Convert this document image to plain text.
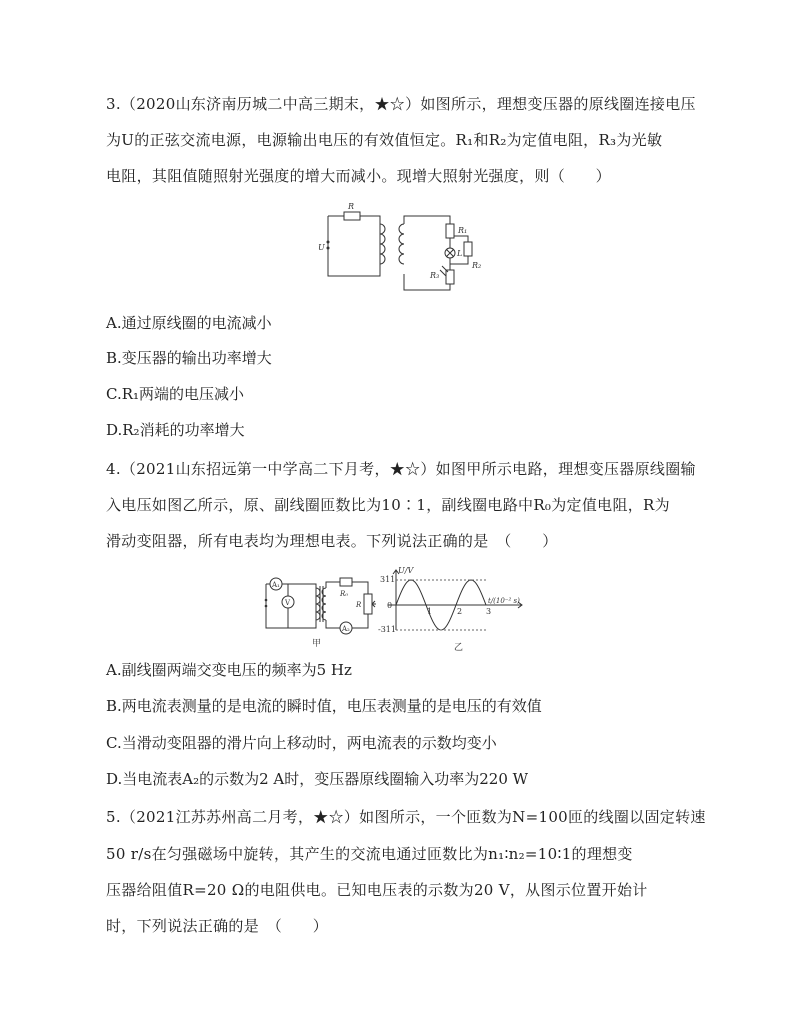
3.（2020山东济南历城二中高三期末，★☆）如图所示，理想变压器的原线圈连接电压
为U的正弦交流电源，电源输出电压的有效值恒定。R₁和R₂为定值电阻，R₃为光敏
电阻，其阻值随照射光强度的增大而减小。现增大照射光强度，则（　　）
R
U
R₁
L
R₂
R₃
A.通过原线圈的电流减小
B.变压器的输出功率增大
C.R₁两端的电压减小
D.R₂消耗的功率增大
4.（2021山东招远第一中学高二下月考，★☆）如图甲所示电路，理想变压器原线圈输
入电压如图乙所示，原、副线圈匝数比为10∶1，副线圈电路中R₀为定值电阻，R为
滑动变阻器，所有电表均为理想电表。下列说法正确的是　（　　）
A₁
V
R₀
R
A₂
甲
U/V
311
0
-311
1	2	3
t/(10⁻² s)
乙
A.副线圈两端交变电压的频率为5 Hz
B.两电流表测量的是电流的瞬时值，电压表测量的是电压的有效值
C.当滑动变阻器的滑片向上移动时，两电流表的示数均变小
D.当电流表A₂的示数为2 A时，变压器原线圈输入功率为220 W
5.（2021江苏苏州高二月考，★☆）如图所示，一个匝数为N=100匝的线圈以固定转速
50 r/s在匀强磁场中旋转，其产生的交流电通过匝数比为n₁∶n₂=10∶1的理想变
压器给阻值R=20 Ω的电阻供电。已知电压表的示数为20 V，从图示位置开始计
时，下列说法正确的是　（　　）
